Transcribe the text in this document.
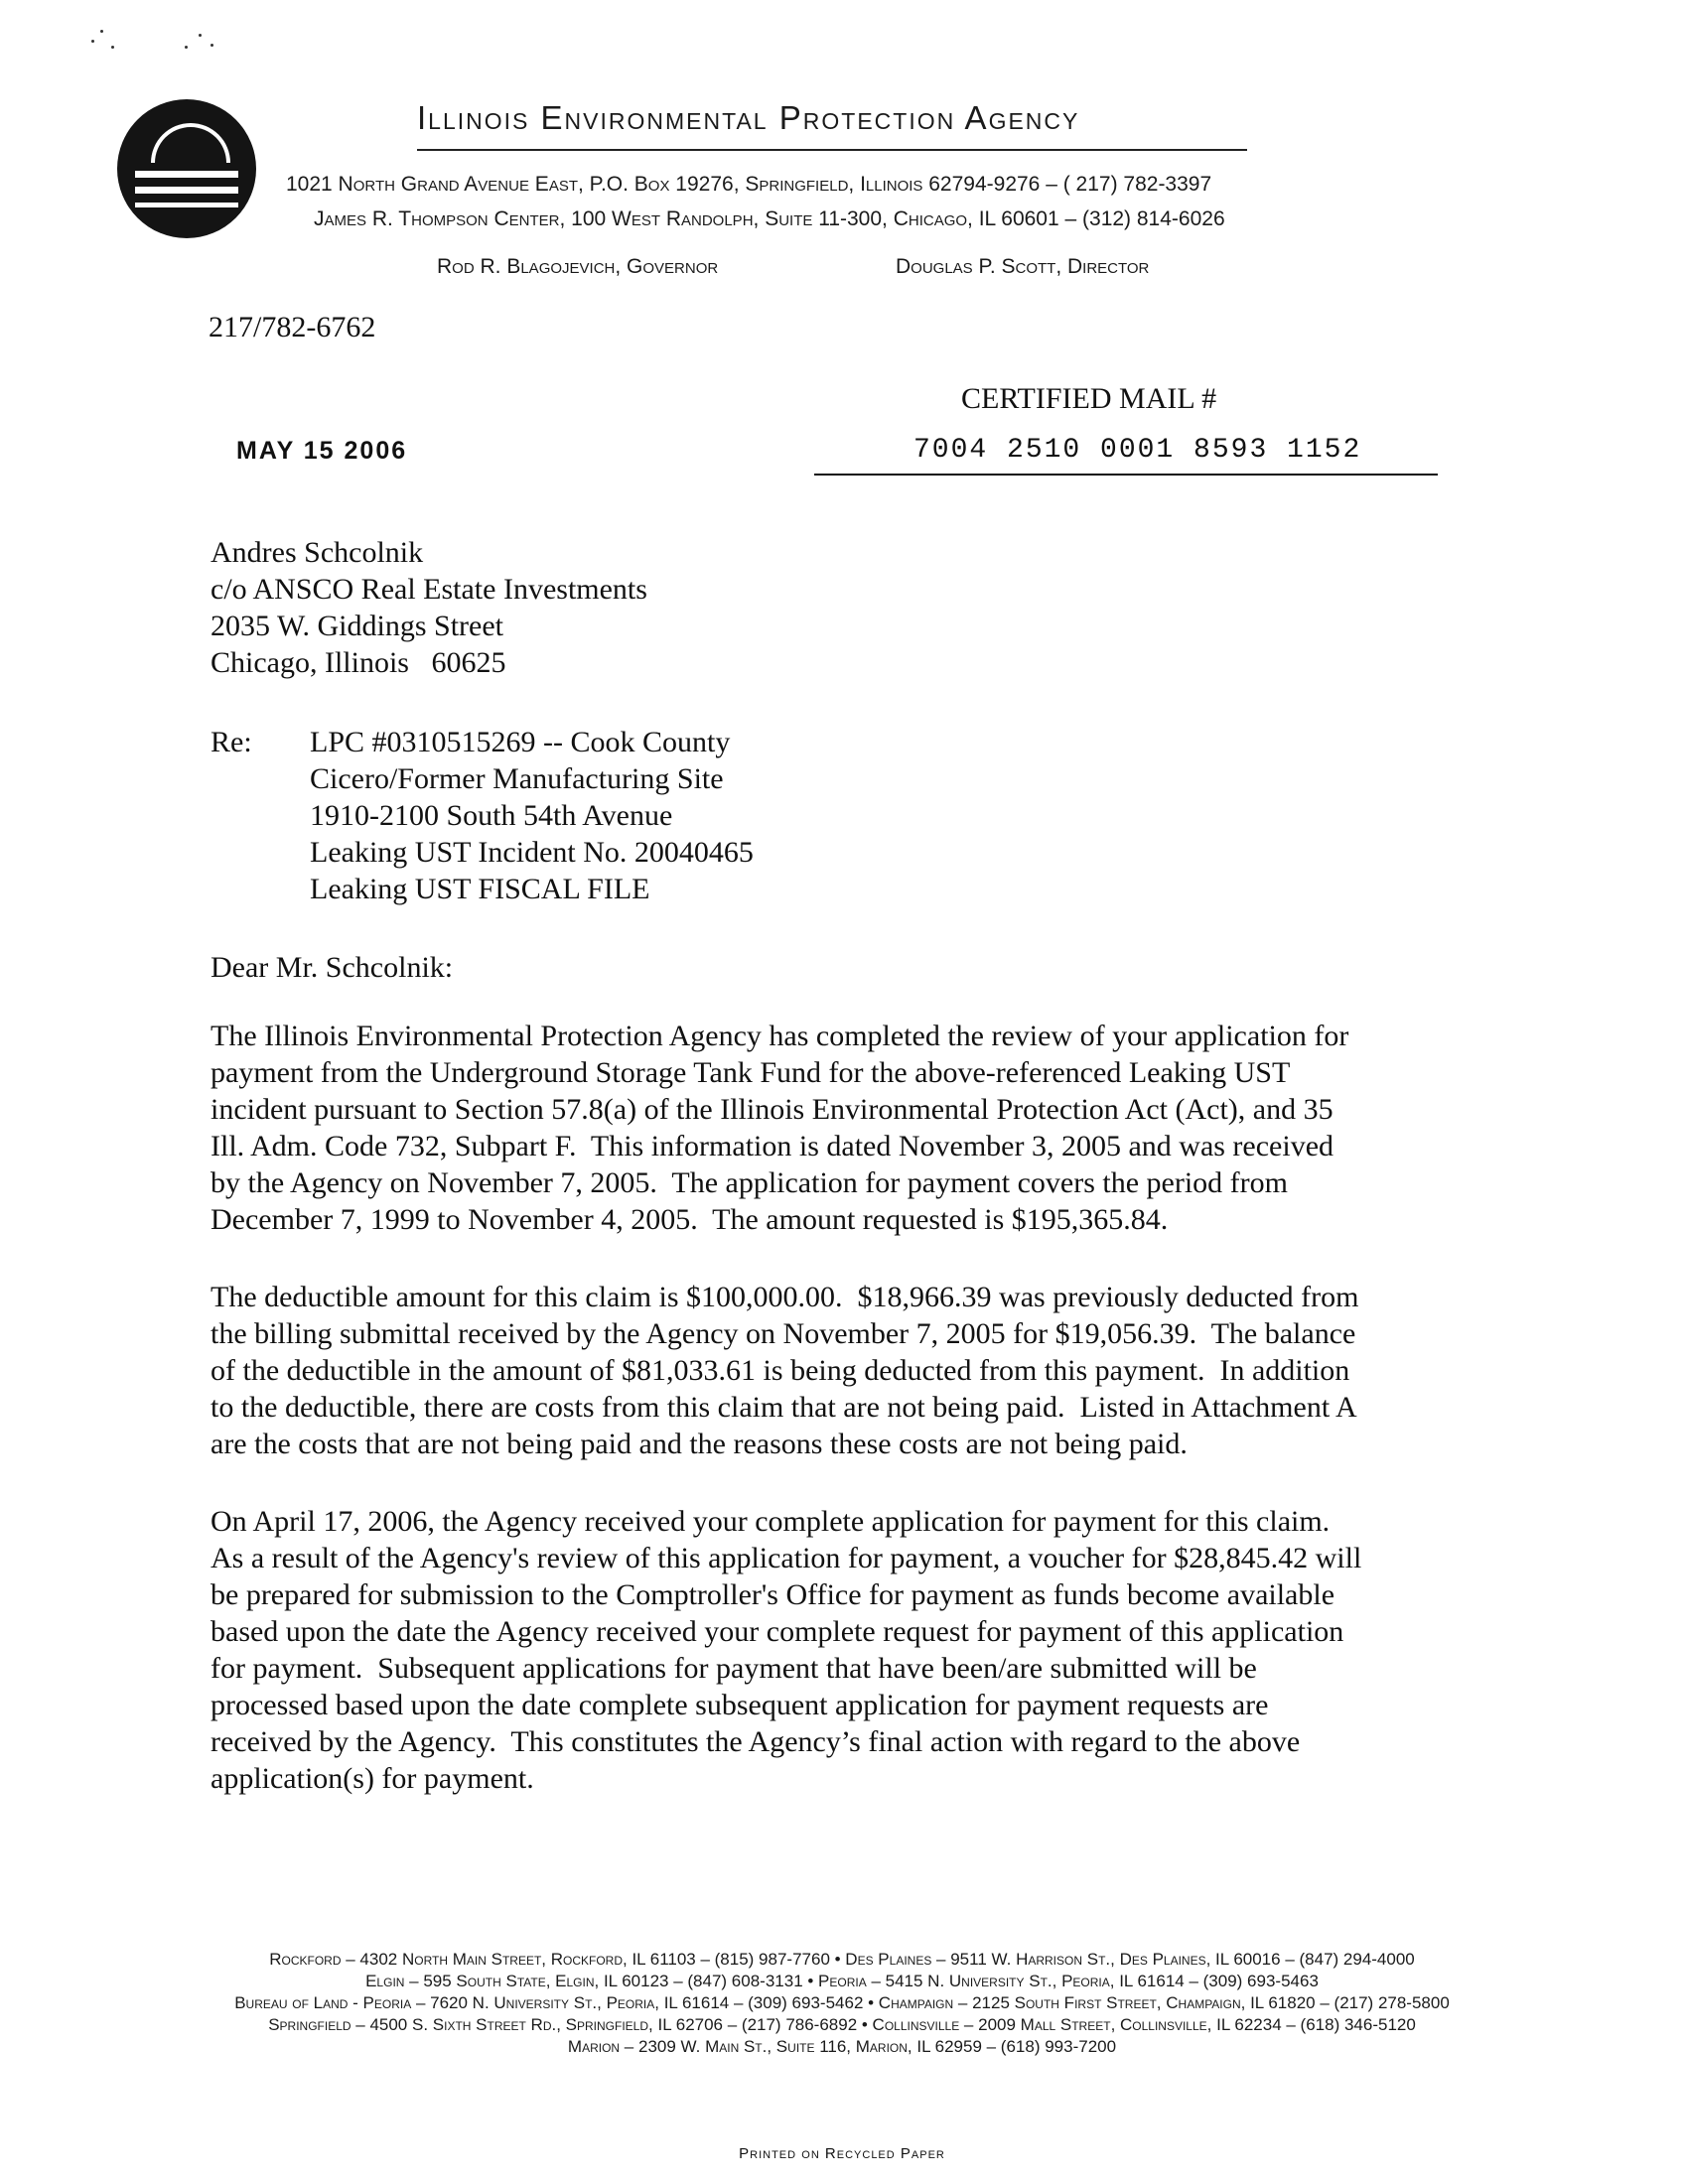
Illinois Environmental Protection Agency
1021 North Grand Avenue East, P.O. Box 19276, Springfield, Illinois 62794-9276 – ( 217) 782-3397
James R. Thompson Center, 100 West Randolph, Suite 11-300, Chicago, IL 60601 – (312) 814-6026
Rod R. Blagojevich, Governor	Douglas P. Scott, Director
217/782-6762
CERTIFIED MAIL #
7004 2510 0001 8593 1152
MAY 15 2006
Andres Schcolnik
c/o ANSCO Real Estate Investments
2035 W. Giddings Street
Chicago, Illinois   60625
Re: LPC #0310515269 -- Cook County
Cicero/Former Manufacturing Site
1910-2100 South 54th Avenue
Leaking UST Incident No. 20040465
Leaking UST FISCAL FILE
Dear Mr. Schcolnik:
The Illinois Environmental Protection Agency has completed the review of your application for
payment from the Underground Storage Tank Fund for the above-referenced Leaking UST
incident pursuant to Section 57.8(a) of the Illinois Environmental Protection Act (Act), and 35
Ill. Adm. Code 732, Subpart F.  This information is dated November 3, 2005 and was received
by the Agency on November 7, 2005.  The application for payment covers the period from
December 7, 1999 to November 4, 2005.  The amount requested is $195,365.84.
The deductible amount for this claim is $100,000.00.  $18,966.39 was previously deducted from
the billing submittal received by the Agency on November 7, 2005 for $19,056.39.  The balance
of the deductible in the amount of $81,033.61 is being deducted from this payment.  In addition
to the deductible, there are costs from this claim that are not being paid.  Listed in Attachment A
are the costs that are not being paid and the reasons these costs are not being paid.
On April 17, 2006, the Agency received your complete application for payment for this claim.
As a result of the Agency's review of this application for payment, a voucher for $28,845.42 will
be prepared for submission to the Comptroller's Office for payment as funds become available
based upon the date the Agency received your complete request for payment of this application
for payment.  Subsequent applications for payment that have been/are submitted will be
processed based upon the date complete subsequent application for payment requests are
received by the Agency.  This constitutes the Agency’s final action with regard to the above
application(s) for payment.
Rockford – 4302 North Main Street, Rockford, IL 61103 – (815) 987-7760 • Des Plaines – 9511 W. Harrison St., Des Plaines, IL 60016 – (847) 294-4000
Elgin – 595 South State, Elgin, IL 60123 – (847) 608-3131 • Peoria – 5415 N. University St., Peoria, IL 61614 – (309) 693-5463
Bureau of Land - Peoria – 7620 N. University St., Peoria, IL 61614 – (309) 693-5462 • Champaign – 2125 South First Street, Champaign, IL 61820 – (217) 278-5800
Springfield – 4500 S. Sixth Street Rd., Springfield, IL 62706 – (217) 786-6892 • Collinsville – 2009 Mall Street, Collinsville, IL 62234 – (618) 346-5120
Marion – 2309 W. Main St., Suite 116, Marion, IL 62959 – (618) 993-7200
Printed on Recycled Paper
